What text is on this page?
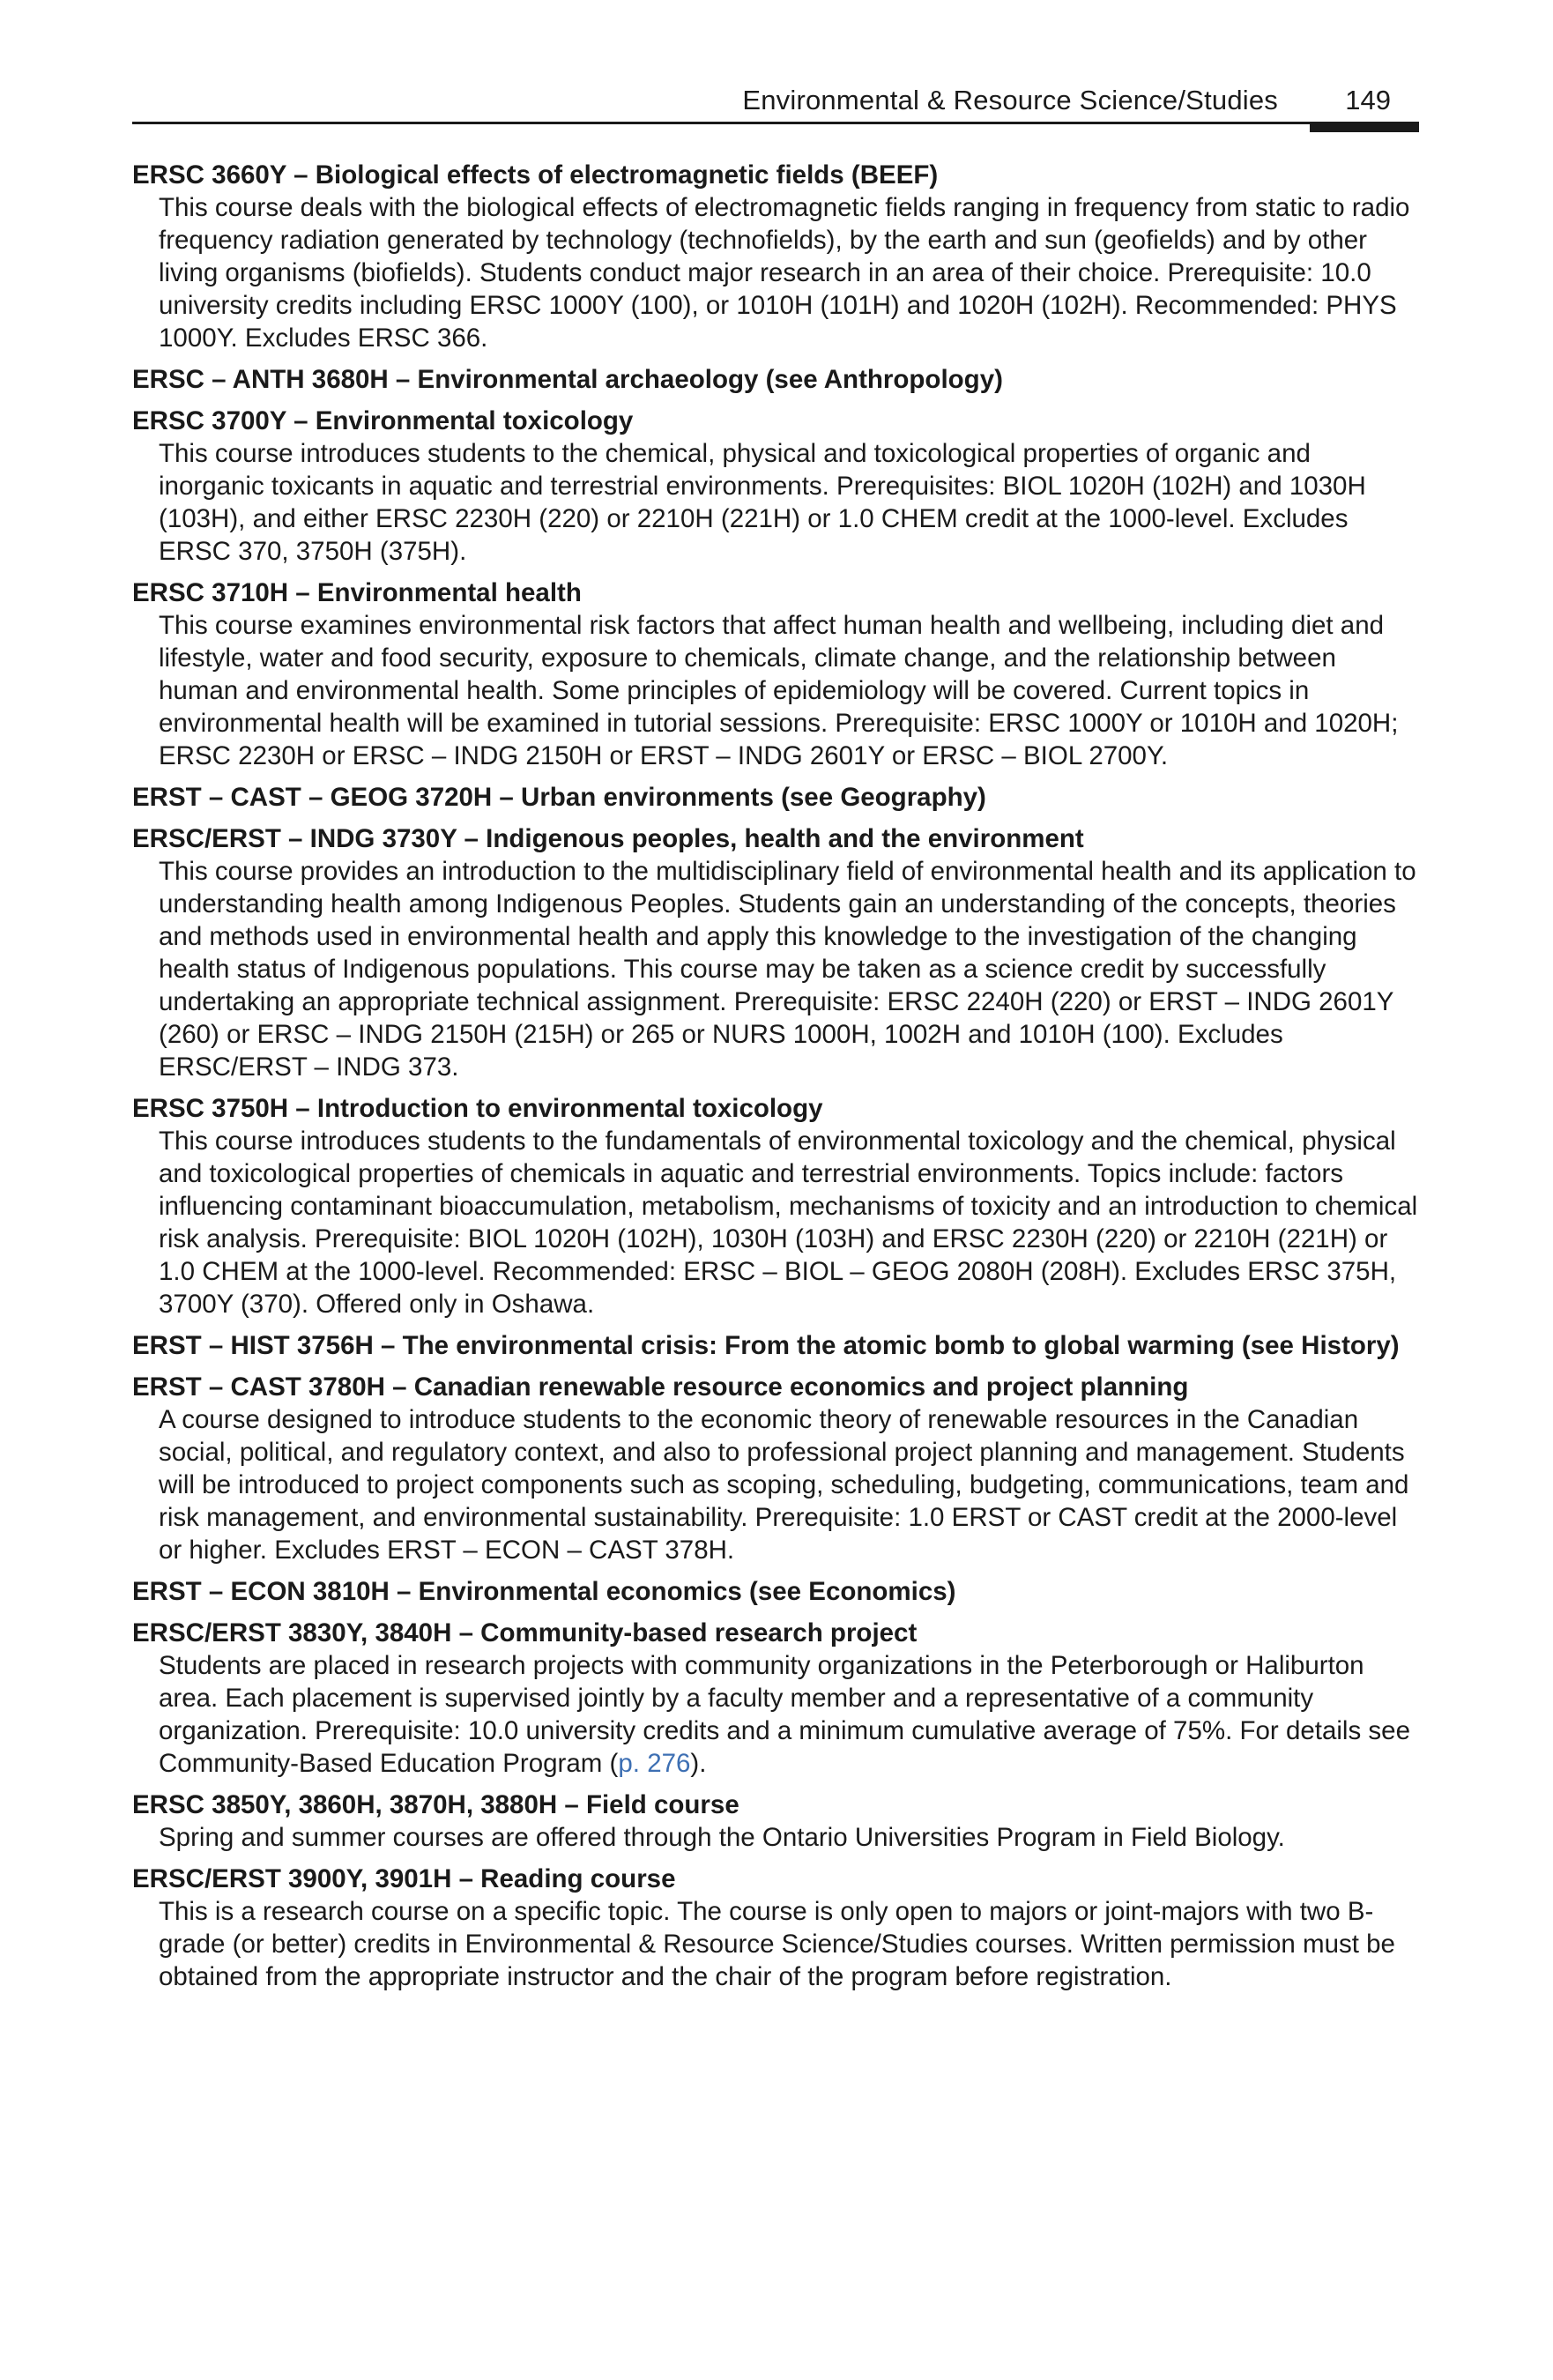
Environmental & Resource Science/Studies 149

ERSC 3660Y – Biological effects of electromagnetic fields (BEEF)

This course deals with the biological effects of electromagnetic fields ranging in frequency from static to radio frequency radiation generated by technology (technofields), by the earth and sun (geofields) and by other living organisms (biofields). Students conduct major research in an area of their choice. Prerequisite: 10.0 university credits including ERSC 1000Y (100), or 1010H (101H) and 1020H (102H). Recommended: PHYS 1000Y. Excludes ERSC 366.

ERSC – ANTH 3680H – Environmental archaeology (see Anthropology)

ERSC 3700Y – Environmental toxicology

This course introduces students to the chemical, physical and toxicological properties of organic and inorganic toxicants in aquatic and terrestrial environments. Prerequisites: BIOL 1020H (102H) and 1030H (103H), and either ERSC 2230H (220) or 2210H (221H) or 1.0 CHEM credit at the 1000-level. Excludes ERSC 370, 3750H (375H).

ERSC 3710H – Environmental health

This course examines environmental risk factors that affect human health and wellbeing, including diet and lifestyle, water and food security, exposure to chemicals, climate change, and the relationship between human and environmental health. Some principles of epidemiology will be covered. Current topics in environmental health will be examined in tutorial sessions. Prerequisite: ERSC 1000Y or 1010H and 1020H; ERSC 2230H or ERSC – INDG 2150H or ERST – INDG 2601Y or ERSC – BIOL 2700Y.

ERST – CAST – GEOG 3720H – Urban environments (see Geography)

ERSC/ERST – INDG 3730Y – Indigenous peoples, health and the environment

This course provides an introduction to the multidisciplinary field of environmental health and its application to understanding health among Indigenous Peoples. Students gain an understanding of the concepts, theories and methods used in environmental health and apply this knowledge to the investigation of the changing health status of Indigenous populations. This course may be taken as a science credit by successfully undertaking an appropriate technical assignment. Prerequisite: ERSC 2240H (220) or ERST – INDG 2601Y (260) or ERSC – INDG 2150H (215H) or 265 or NURS 1000H, 1002H and 1010H (100). Excludes ERSC/ERST – INDG 373.

ERSC 3750H – Introduction to environmental toxicology

This course introduces students to the fundamentals of environmental toxicology and the chemical, physical and toxicological properties of chemicals in aquatic and terrestrial environments. Topics include: factors influencing contaminant bioaccumulation, metabolism, mechanisms of toxicity and an introduction to chemical risk analysis. Prerequisite: BIOL 1020H (102H), 1030H (103H) and ERSC 2230H (220) or 2210H (221H) or 1.0 CHEM at the 1000-level. Recommended: ERSC – BIOL – GEOG 2080H (208H). Excludes ERSC 375H, 3700Y (370). Offered only in Oshawa.

ERST – HIST 3756H – The environmental crisis: From the atomic bomb to global warming (see History)

ERST – CAST 3780H – Canadian renewable resource economics and project planning

A course designed to introduce students to the economic theory of renewable resources in the Canadian social, political, and regulatory context, and also to professional project planning and management. Students will be introduced to project components such as scoping, scheduling, budgeting, communications, team and risk management, and environmental sustainability. Prerequisite: 1.0 ERST or CAST credit at the 2000-level or higher. Excludes ERST – ECON – CAST 378H.

ERST – ECON 3810H – Environmental economics (see Economics)

ERSC/ERST 3830Y, 3840H – Community-based research project

Students are placed in research projects with community organizations in the Peterborough or Haliburton area. Each placement is supervised jointly by a faculty member and a representative of a community organization. Prerequisite: 10.0 university credits and a minimum cumulative average of 75%. For details see Community-Based Education Program (p. 276).

ERSC 3850Y, 3860H, 3870H, 3880H – Field course

Spring and summer courses are offered through the Ontario Universities Program in Field Biology.

ERSC/ERST 3900Y, 3901H – Reading course

This is a research course on a specific topic. The course is only open to majors or joint-majors with two B-grade (or better) credits in Environmental & Resource Science/Studies courses. Written permission must be obtained from the appropriate instructor and the chair of the program before registration.
